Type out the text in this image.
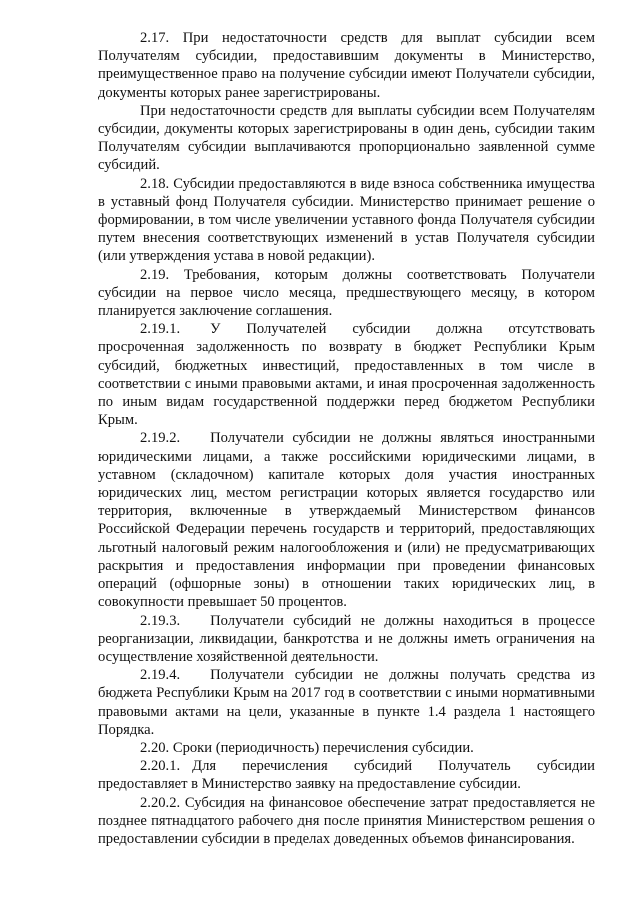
2.17. При недостаточности средств для выплат субсидии всем Получателям субсидии, предоставившим документы в Министерство, преимущественное право на получение субсидии имеют Получатели субсидии, документы которых ранее зарегистрированы.

При недостаточности средств для выплаты субсидии всем Получателям субсидии, документы которых зарегистрированы в один день, субсидии таким Получателям субсидии выплачиваются пропорционально заявленной сумме субсидий.

2.18. Субсидии предоставляются в виде взноса собственника имущества в уставный фонд Получателя субсидии. Министерство принимает решение о формировании, в том числе увеличении уставного фонда Получателя субсидии путем внесения соответствующих изменений в устав Получателя субсидии (или утверждения устава в новой редакции).

2.19. Требования, которым должны соответствовать Получатели субсидии на первое число месяца, предшествующего месяцу, в котором планируется заключение соглашения.

2.19.1. У Получателей субсидии должна отсутствовать просроченная задолженность по возврату в бюджет Республики Крым субсидий, бюджетных инвестиций, предоставленных в том числе в соответствии с иными правовыми актами, и иная просроченная задолженность по иным видам государственной поддержки перед бюджетом Республики Крым.

2.19.2. Получатели субсидии не должны являться иностранными юридическими лицами, а также российскими юридическими лицами, в уставном (складочном) капитале которых доля участия иностранных юридических лиц, местом регистрации которых является государство или территория, включенные в утверждаемый Министерством финансов Российской Федерации перечень государств и территорий, предоставляющих льготный налоговый режим налогообложения и (или) не предусматривающих раскрытия и предоставления информации при проведении финансовых операций (офшорные зоны) в отношении таких юридических лиц, в совокупности превышает 50 процентов.

2.19.3. Получатели субсидий не должны находиться в процессе реорганизации, ликвидации, банкротства и не должны иметь ограничения на осуществление хозяйственной деятельности.

2.19.4. Получатели субсидии не должны получать средства из бюджета Республики Крым на 2017 год в соответствии с иными нормативными правовыми актами на цели, указанные в пункте 1.4 раздела 1 настоящего Порядка.

2.20. Сроки (периодичность) перечисления субсидии.

2.20.1. Для перечисления субсидий Получатель субсидии предоставляет в Министерство заявку на предоставление субсидии.

2.20.2. Субсидия на финансовое обеспечение затрат предоставляется не позднее пятнадцатого рабочего дня после принятия Министерством решения о предоставлении субсидии в пределах доведенных объемов финансирования.
